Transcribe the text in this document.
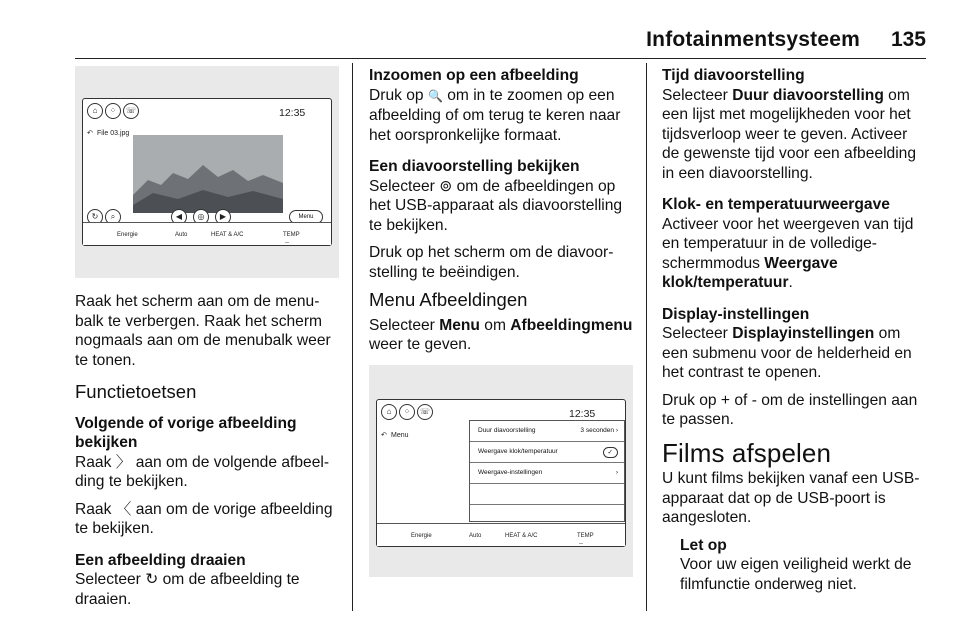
Infotainmentsysteem 135
⌂	⁘	☏	12:35
↶ File 03.jpg
↻	⌕	◀	◎	▶	Menu
Energie	Auto	HEAT & A/C	TEMP
--

Raak het scherm aan om de menu-balk te verbergen. Raak het scherm nogmaals aan om de menubalk weer te tonen.

Functietoetsen
Volgende of vorige afbeelding bekijken

Raak 〉 aan om de volgende afbeel-ding te bekijken.

Raak 〈 aan om de vorige afbeelding te bekijken.

Een afbeelding draaien

Selecteer ↻ om de afbeelding te draaien.

Inzoomen op een afbeelding

Druk op 🔍 om in te zoomen op een afbeelding of om terug te keren naar het oorspronkelijke formaat.

Een diavoorstelling bekijken

Selecteer ⊚ om de afbeeldingen op het USB-apparaat als diavoorstelling te bekijken.

Druk op het scherm om de diavoor-stelling te beëindigen.

Menu Afbeeldingen

Selecteer Menu om Afbeeldingmenu weer te geven.

⌂	⁘	☏	12:35
↶ Menu
Duur diavoorstelling	3 seconden ›
Weergave klok/temperatuur	✓
Weergave-instellingen	›
Energie	Auto	HEAT & A/C	TEMP
--
Tijd diavoorstelling

Selecteer Duur diavoorstelling om een lijst met mogelijkheden voor het tijdsverloop weer te geven. Activeer de gewenste tijd voor een afbeelding in een diavoorstelling.

Klok- en temperatuurweergave

Activeer voor het weergeven van tijd en temperatuur in de volledige-schermmodus Weergave klok/temperatuur.

Display-instellingen

Selecteer Displayinstellingen om een submenu voor de helderheid en het contrast te openen.

Druk op + of - om de instellingen aan te passen.

Films afspelen

U kunt films bekijken vanaf een USB-apparaat dat op de USB-poort is aangesloten.

Let op

Voor uw eigen veiligheid werkt de filmfunctie onderweg niet.
